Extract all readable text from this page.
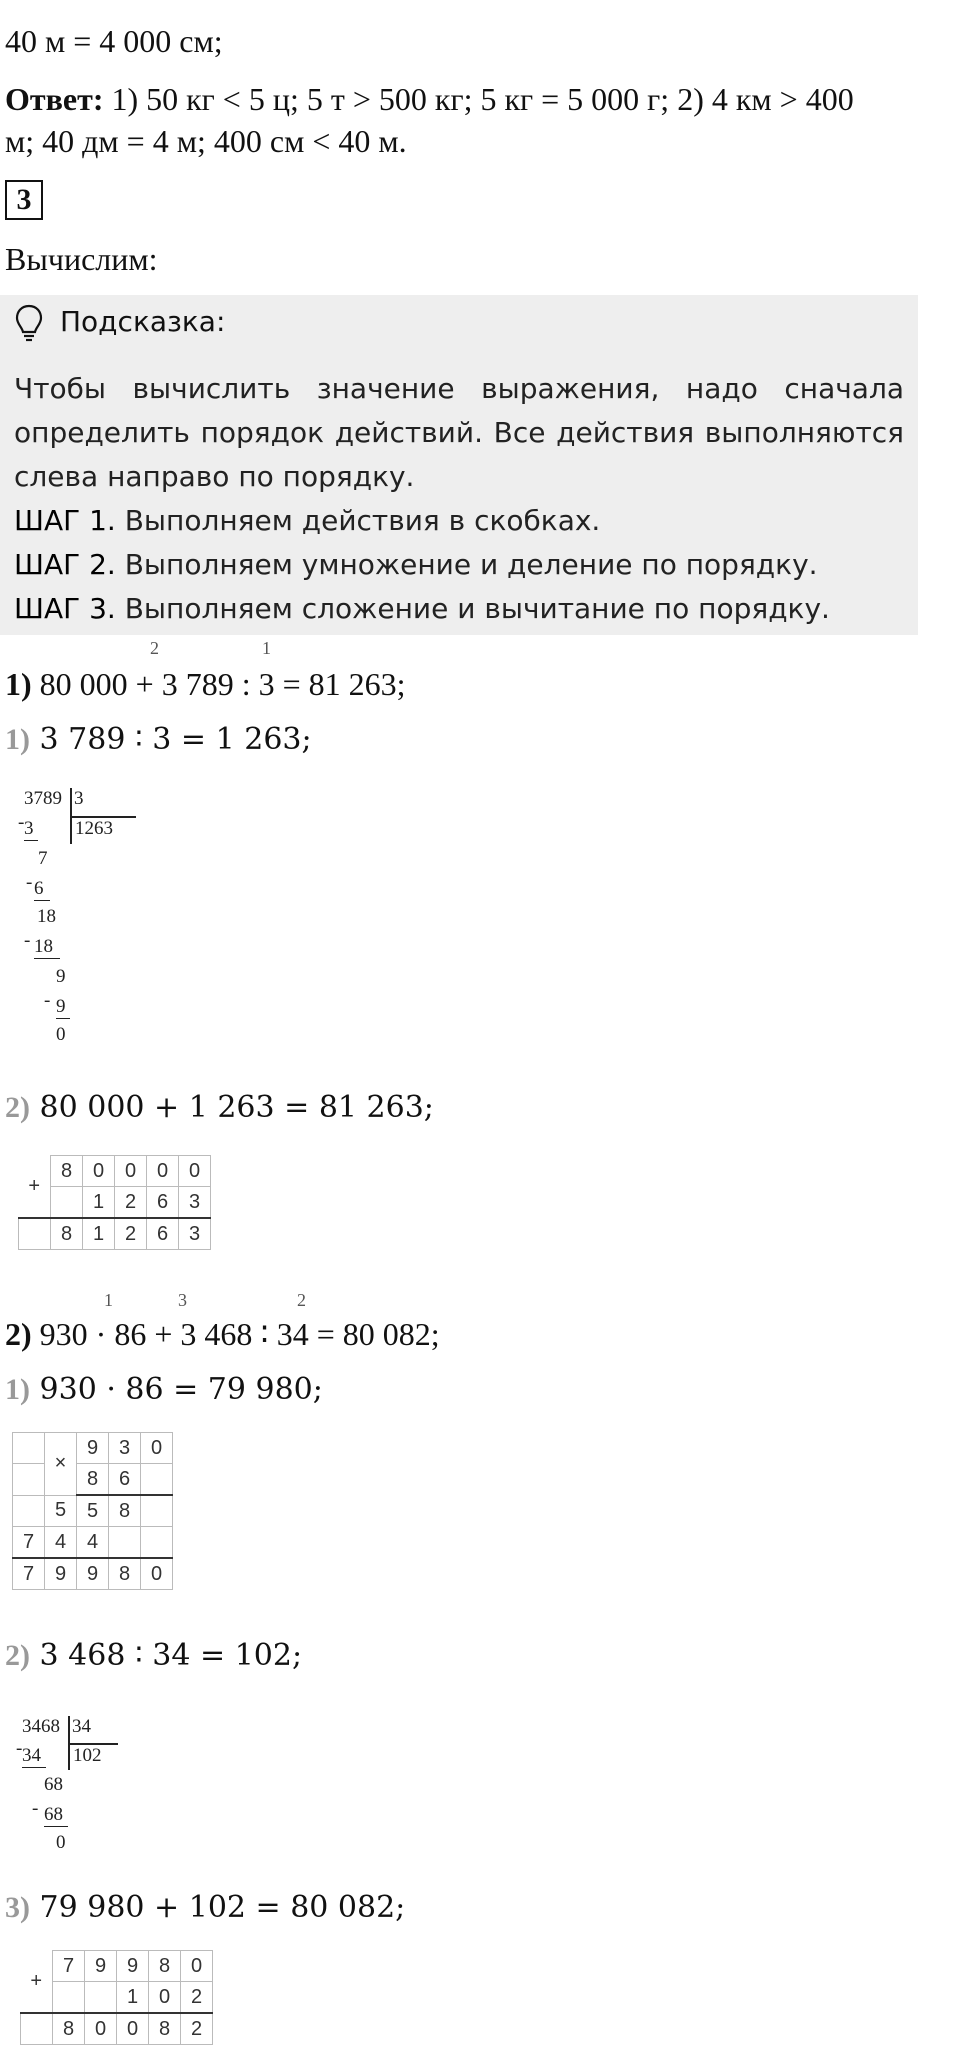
40 м = 4 000 см;
Ответ: 1) 50 кг < 5 ц; 5 т > 500 кг; 5 кг = 5 000 г; 2) 4 км > 400
м; 40 дм = 4 м; 400 см < 40 м.
3
Вычислим:
Подсказка:
Чтобы вычислить значение выражения, надо сначала определить порядок действий. Все действия выполняются слева направо по порядку.
ШАГ 1. Выполняем действия в скобках.
ШАГ 2. Выполняем умножение и деление по порядку.
ШАГ 3. Выполняем сложение и вычитание по порядку.
2	1
1) 80 000 + 3 789 : 3 = 81 263;
1) 3 789 ∶ 3 = 1 263;
3789 3
1263
- 3
7
- 6
18
- 18
9
- 9
0
2) 80 000 + 1 263 = 81 263;
+	8	0	0	0	0
		1	2	6	3
	8	1	2	6	3
1	3	2
2) 930 · 86 + 3 468 ∶ 34 = 80 082;
1) 930 · 86 = 79 980;
	×	9	3	0
		8	6	
	5	5	8	
7	4	4		
7	9	9	8	0
2) 3 468 ∶ 34 = 102;
3468 34
102
- 34
68
- 68
0
3) 79 980 + 102 = 80 082;
+	7	9	9	8	0
			1	0	2
	8	0	0	8	2
